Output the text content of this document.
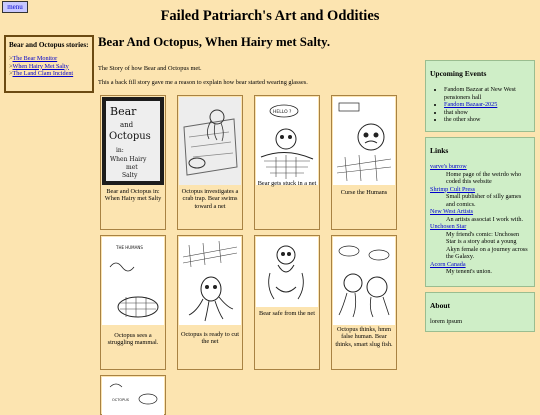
menu
Failed Patriarch's Art and Oddities
Bear and Octopus stories:
>The Bear Monitor
>When Hairy Met Salty
>The Land Clam Incident
Bear And Octopus, When Hairy met Salty.
The Story of how Bear and Octopus met.
This a back fill story gave me a reason to explain how bear started wearing glasses.
Bear
and
Octopus
in:
When Hairy
met
Salty
Bear and Octopus in: When Hairy met Salty
Octopus investigates a crab trap. Bear swims toward a net
HELLO ?
Bear gets stuck in a net
Curse the Humans
THE HUMANS
Octopus sees a struggling mammal.
Octopus is ready to cut the net
Bear safe from the net
Octopus thinks, hmm false human. Bear thinks, smart slug fish.
OCTOPUS
Upcoming Events
• Fandom Bazzar at New West pensioners hall
• Fandom Bazaar-2025
• that show
• the other show
Links
varve's burrow
Home page of the weirdo who coded this website
Shrimp Cult Press
Small publisher of silly games and comics.
New West Artists
An artists associat I work with.
Unchosen Star
My friend's comic: Unchosen Star is a story about a young Akyn female on a journey across the Galaxy.
Acorn Canada
My tenent's union.
About

lorem ipsum
